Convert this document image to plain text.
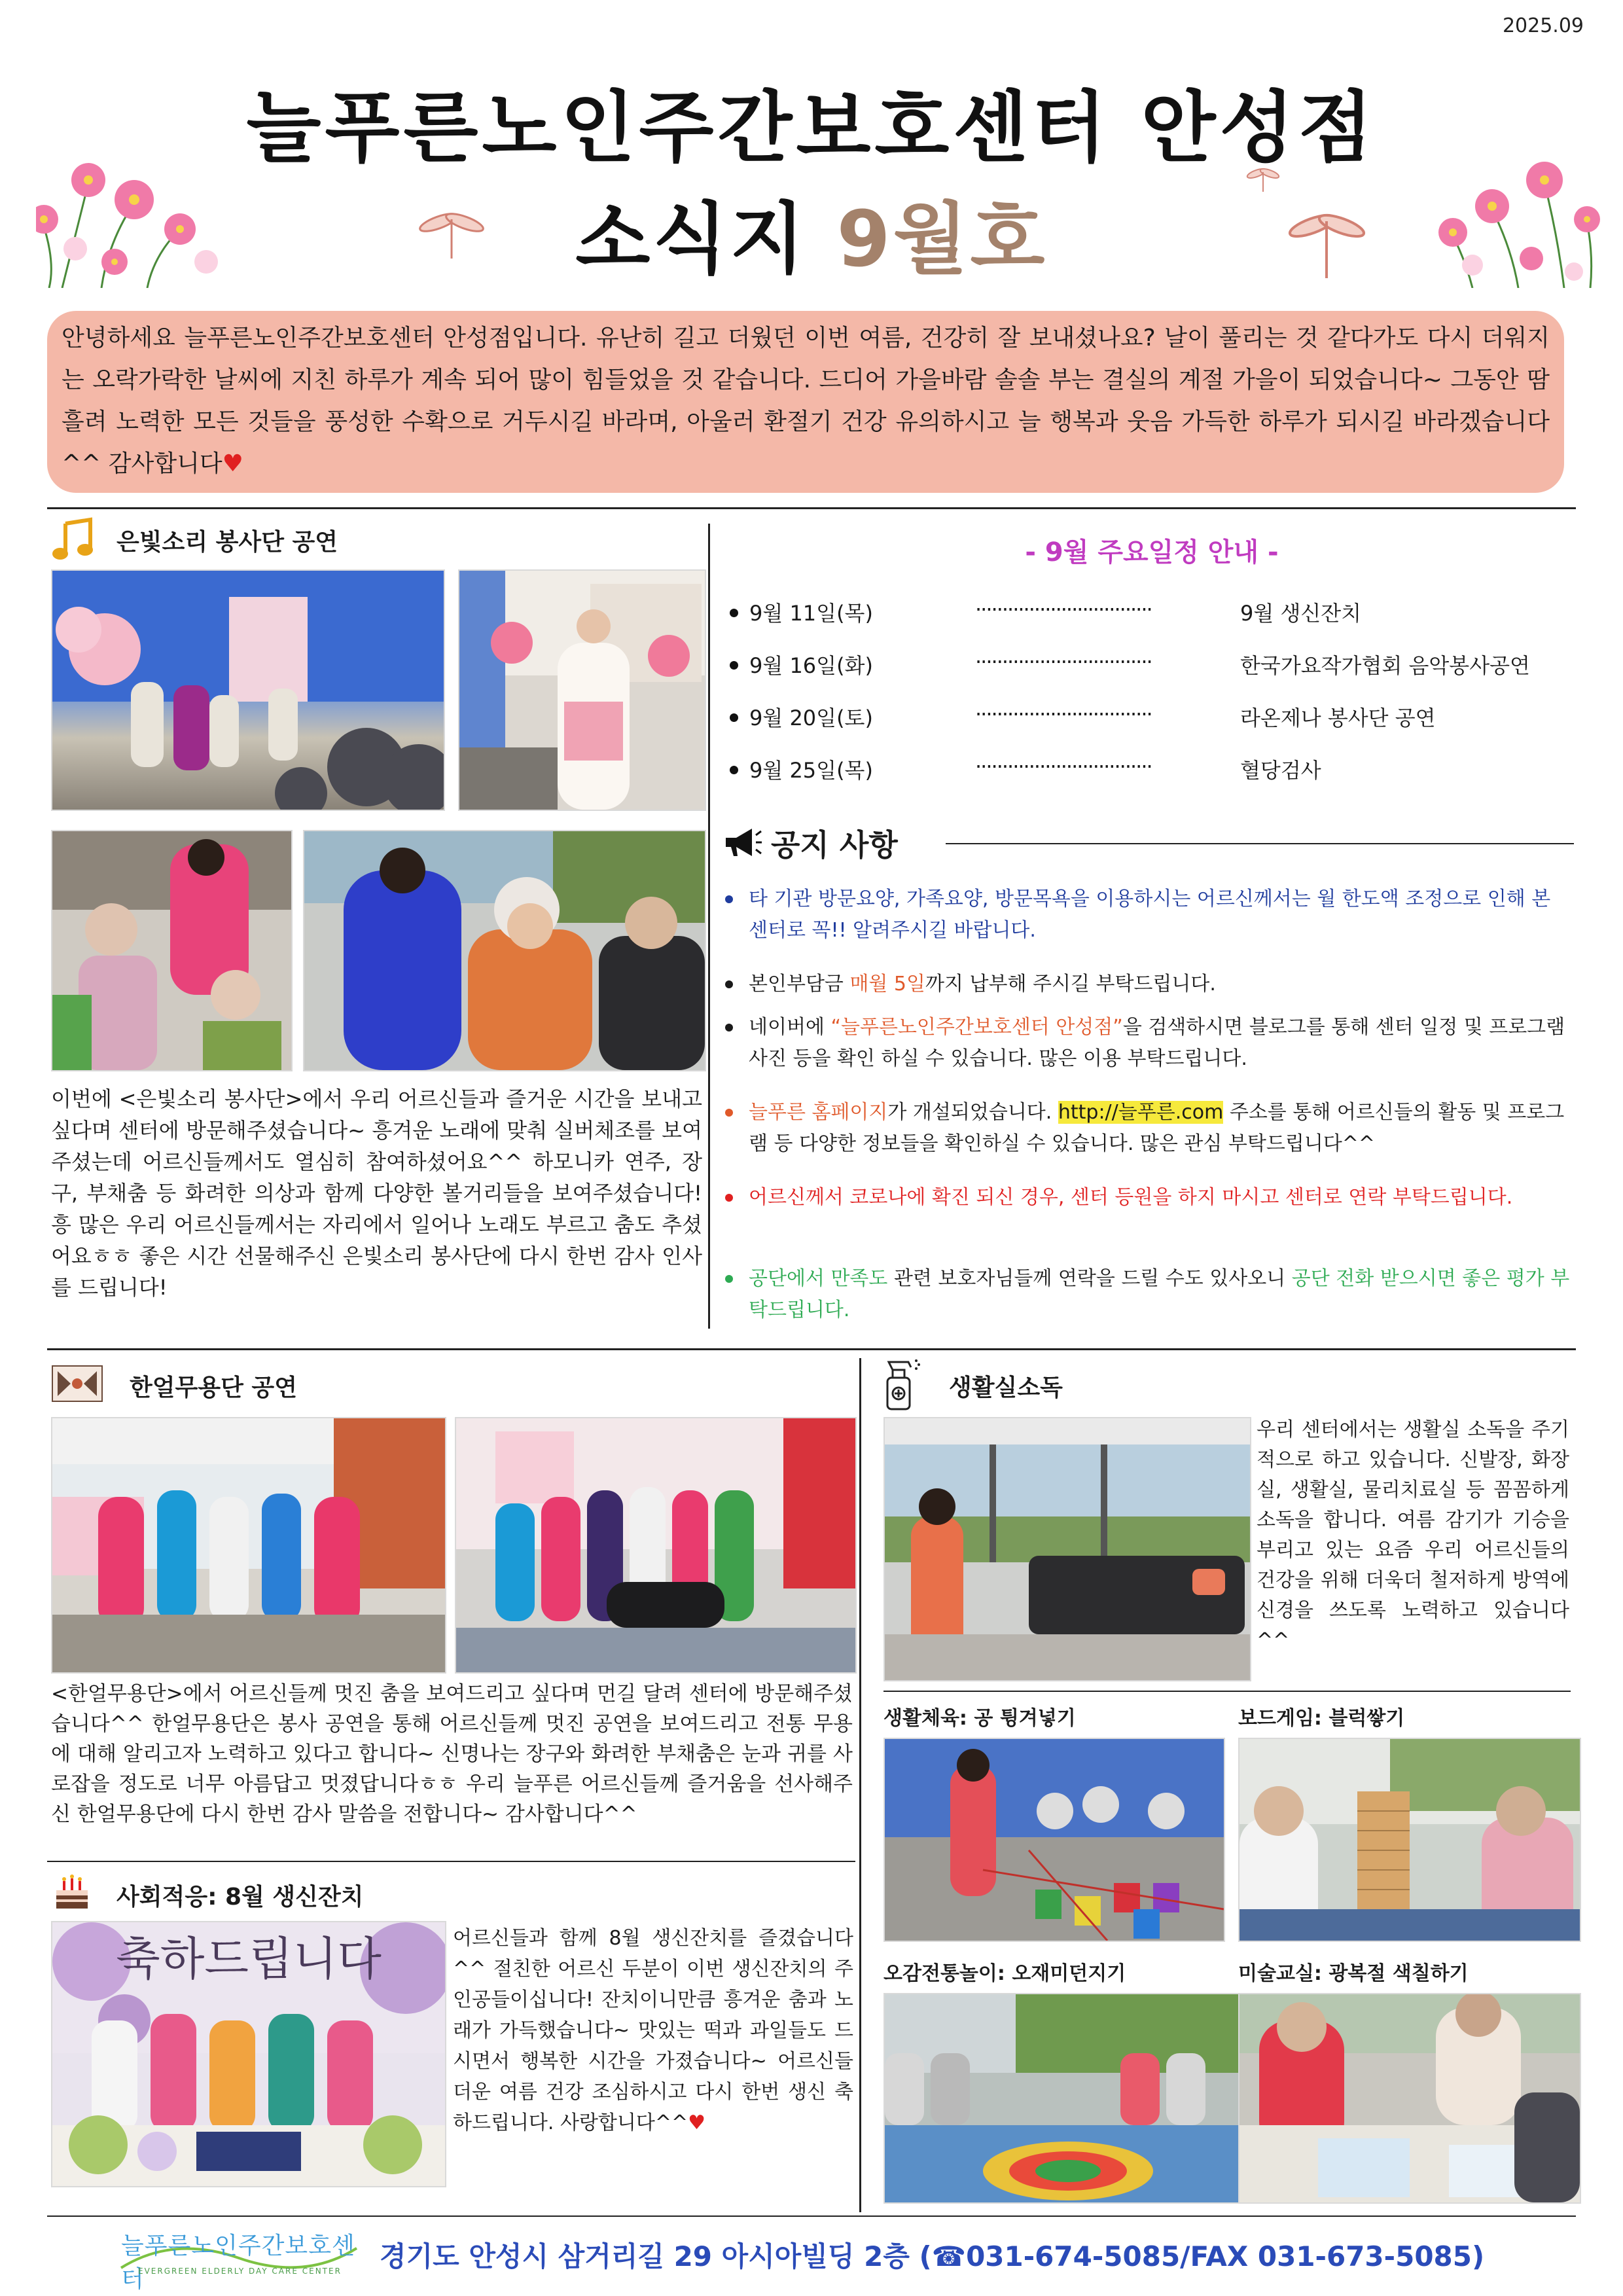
2025.09
늘푸른노인주간보호센터 안성점
소식지 9월호
안녕하세요 늘푸른노인주간보호센터 안성점입니다. 유난히 길고 더웠던 이번 여름, 건강히 잘 보내셨나요? 날이 풀리는 것 같다가도 다시 더워지는 오락가락한 날씨에 지친 하루가 계속 되어 많이 힘들었을 것 같습니다. 드디어 가을바람 솔솔 부는 결실의 계절 가을이 되었습니다~ 그동안 땀흘려 노력한 모든 것들을 풍성한 수확으로 거두시길 바라며, 아울러 환절기 건강 유의하시고 늘 행복과 웃음 가득한 하루가 되시길 바라겠습니다^^ 감사합니다♥
은빛소리 봉사단 공연
이번에 <은빛소리 봉사단>에서 우리 어르신들과 즐거운 시간을 보내고 싶다며 센터에 방문해주셨습니다~ 흥겨운 노래에 맞춰 실버체조를 보여주셨는데 어르신들께서도 열심히 참여하셨어요^^ 하모니카 연주, 장구, 부채춤 등 화려한 의상과 함께 다양한 볼거리들을 보여주셨습니다! 흥 많은 우리 어르신들께서는 자리에서 일어나 노래도 부르고 춤도 추셨어요ㅎㅎ 좋은 시간 선물해주신 은빛소리 봉사단에 다시 한번 감사 인사를 드립니다!
- 9월 주요일정 안내 -
9월 11일(목)	·································	9월 생신잔치
9월 16일(화)	·································	한국가요작가협회 음악봉사공연
9월 20일(토)	·································	라온제나 봉사단 공연
9월 25일(목)	·································	혈당검사
공지 사항
타 기관 방문요양, 가족요양, 방문목욕을 이용하시는 어르신께서는 월 한도액 조정으로 인해 본 센터로 꼭!! 알려주시길 바랍니다.
본인부담금 매월 5일까지 납부해 주시길 부탁드립니다.
네이버에 “늘푸른노인주간보호센터 안성점”을 검색하시면 블로그를 통해 센터 일정 및 프로그램 사진 등을 확인 하실 수 있습니다. 많은 이용 부탁드립니다.
늘푸른 홈페이지가 개설되었습니다. http://늘푸른.com 주소를 통해 어르신들의 활동 및 프로그램 등 다양한 정보들을 확인하실 수 있습니다. 많은 관심 부탁드립니다^^
어르신께서 코로나에 확진 되신 경우, 센터 등원을 하지 마시고 센터로 연락 부탁드립니다.
공단에서 만족도 관련 보호자님들께 연락을 드릴 수도 있사오니 공단 전화 받으시면 좋은 평가 부탁드립니다.
한얼무용단 공연
<한얼무용단>에서 어르신들께 멋진 춤을 보여드리고 싶다며 먼길 달려 센터에 방문해주셨습니다^^ 한얼무용단은 봉사 공연을 통해 어르신들께 멋진 공연을 보여드리고 전통 무용에 대해 알리고자 노력하고 있다고 합니다~ 신명나는 장구와 화려한 부채춤은 눈과 귀를 사로잡을 정도로 너무 아름답고 멋졌답니다ㅎㅎ 우리 늘푸른 어르신들께 즐거움을 선사해주신 한얼무용단에 다시 한번 감사 말씀을 전합니다~ 감사합니다^^
사회적응: 8월 생신잔치
축하드립니다	어르신들과 함께 8월 생신잔치를 즐겼습니다^^ 절친한 어르신 두분이 이번 생신잔치의 주인공들이십니다! 잔치이니만큼 흥겨운 춤과 노래가 가득했습니다~ 맛있는 떡과 과일들도 드시면서 행복한 시간을 가졌습니다~ 어르신들 더운 여름 건강 조심하시고 다시 한번 생신 축하드립니다. 사랑합니다^^♥
생활실소독
우리 센터에서는 생활실 소독을 주기적으로 하고 있습니다. 신발장, 화장실, 생활실, 물리치료실 등 꼼꼼하게 소독을 합니다. 여름 감기가 기승을 부리고 있는 요즘 우리 어르신들의 건강을 위해 더욱더 철저하게 방역에 신경을 쓰도록 노력하고 있습니다^^
생활체육: 공 튕겨넣기	보드게임: 블럭쌓기
오감전통놀이: 오재미던지기	미술교실: 광복절 색칠하기
늘푸른노인주간보호센터
EVERGREEN ELDERLY DAY CARE CENTER 경기도 안성시 삼거리길 29 아시아빌딩 2층 (☎031-674-5085/FAX 031-673-5085)
